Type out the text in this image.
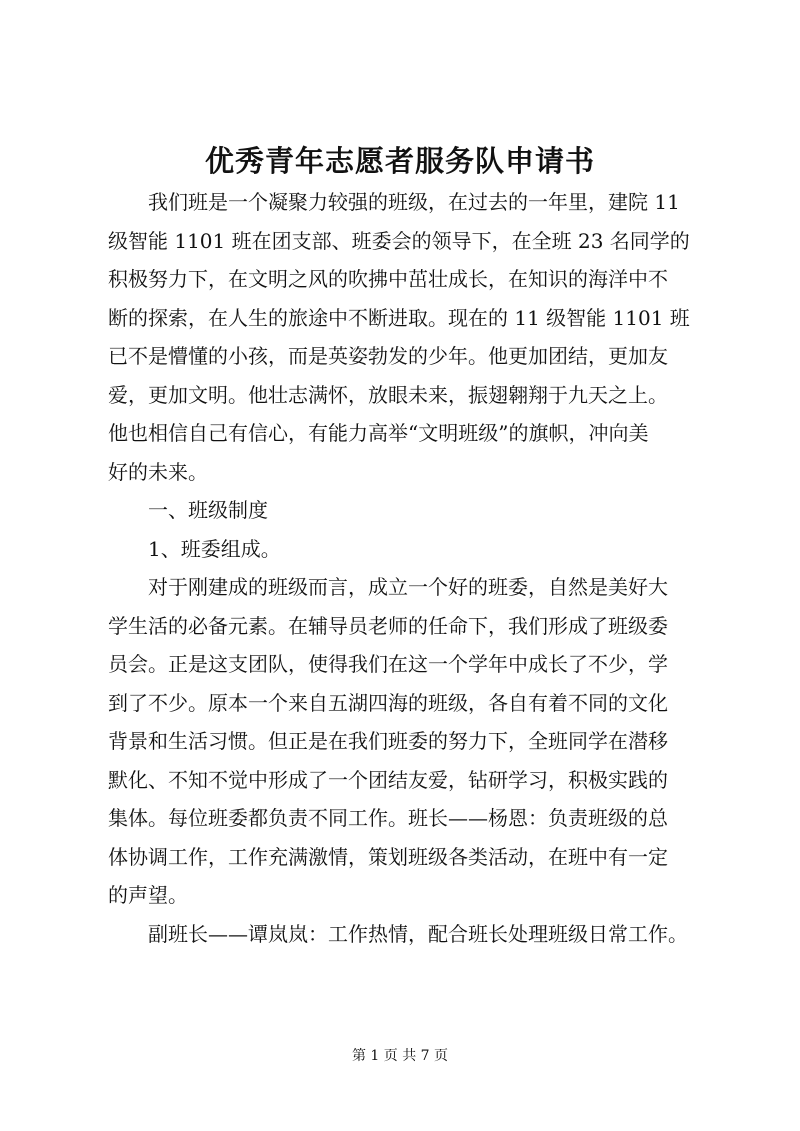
优秀青年志愿者服务队申请书
我们班是一个凝聚力较强的班级，在过去的一年里，建院 11
级智能 1101 班在团支部、班委会的领导下，在全班 23 名同学的
积极努力下，在文明之风的吹拂中茁壮成长，在知识的海洋中不
断的探索，在人生的旅途中不断进取。现在的 11 级智能 1101 班
已不是懵懂的小孩，而是英姿勃发的少年。他更加团结，更加友
爱，更加文明。他壮志满怀，放眼未来，振翅翱翔于九天之上。
他也相信自己有信心，有能力高举“文明班级”的旗帜，冲向美
好的未来。
一、班级制度
1、班委组成。
对于刚建成的班级而言，成立一个好的班委，自然是美好大
学生活的必备元素。在辅导员老师的任命下，我们形成了班级委
员会。正是这支团队，使得我们在这一个学年中成长了不少，学
到了不少。原本一个来自五湖四海的班级，各自有着不同的文化
背景和生活习惯。但正是在我们班委的努力下，全班同学在潜移
默化、不知不觉中形成了一个团结友爱，钻研学习，积极实践的
集体。每位班委都负责不同工作。班长——杨恩：负责班级的总
体协调工作，工作充满激情，策划班级各类活动，在班中有一定
的声望。
副班长——谭岚岚：工作热情，配合班长处理班级日常工作。
第 1 页 共 7 页
